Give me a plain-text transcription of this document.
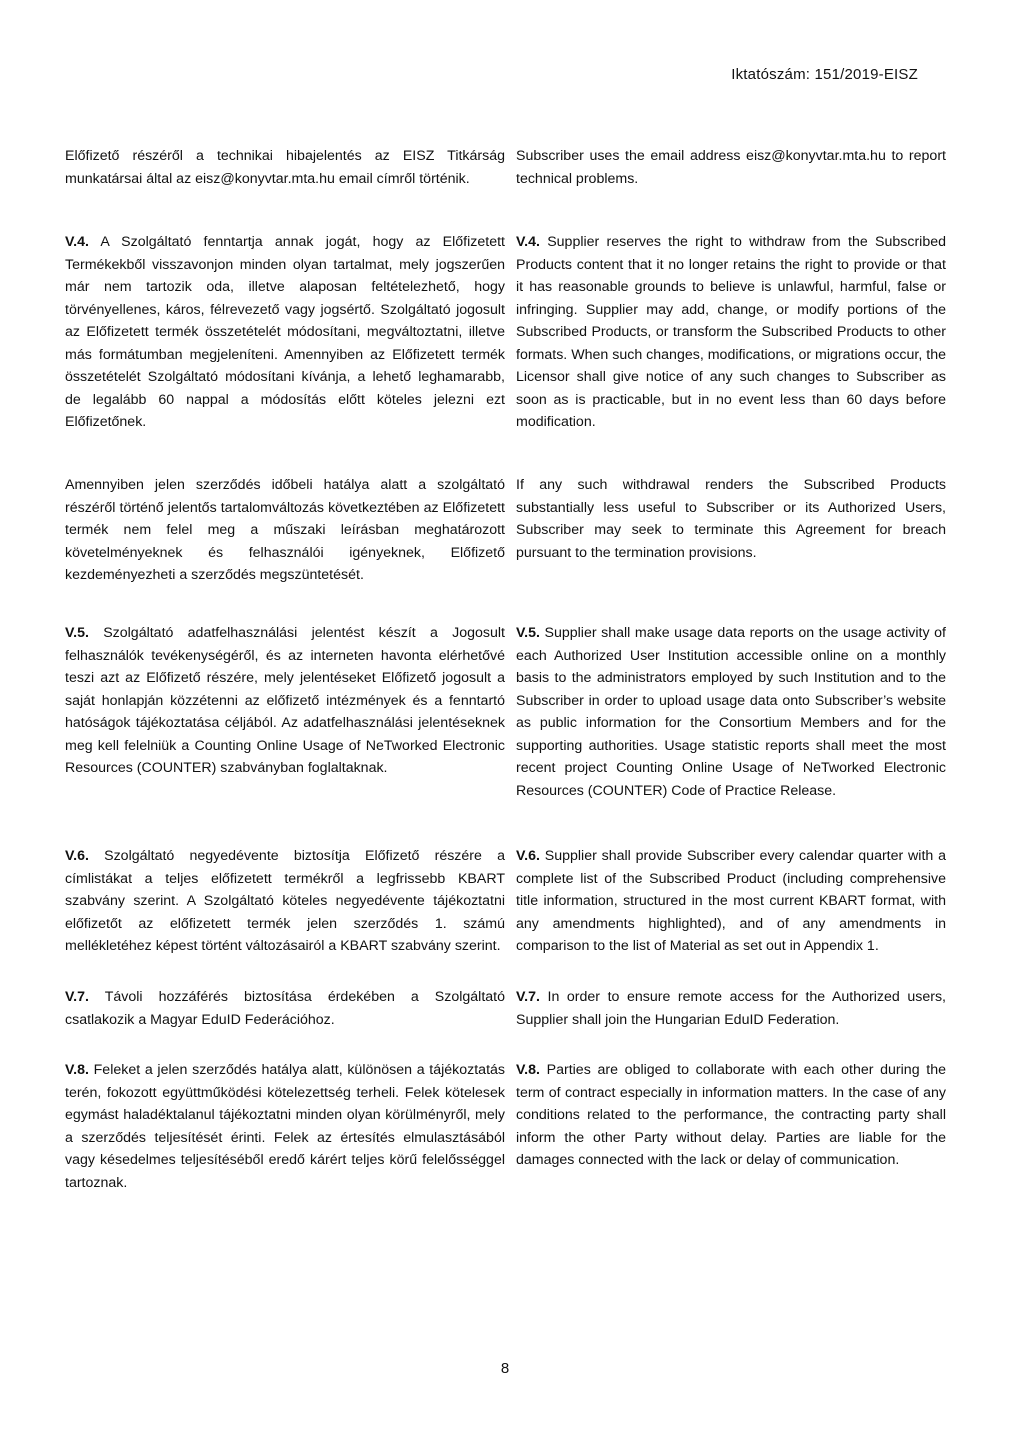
Iktatószám: 151/2019-EISZ

Előfizető részéről a technikai hibajelentés az EISZ Titkárság munkatársai által az eisz@konyvtar.mta.hu email címről történik.

V.4. A Szolgáltató fenntartja annak jogát, hogy az Előfizetett Termékekből visszavonjon minden olyan tartalmat, mely jogszerűen már nem tartozik oda, illetve alaposan feltételezhető, hogy törvényellenes, káros, félrevezető vagy jogsértő. Szolgáltató jogosult az Előfizetett termék összetételét módosítani, megváltoztatni, illetve más formátumban megjeleníteni. Amennyiben az Előfizetett termék összetételét Szolgáltató módosítani kívánja, a lehető leghamarabb, de legalább 60 nappal a módosítás előtt köteles jelezni ezt Előfizetőnek.

Amennyiben jelen szerződés időbeli hatálya alatt a szolgáltató részéről történő jelentős tartalomváltozás következtében az Előfizetett termék nem felel meg a műszaki leírásban meghatározott követelményeknek és felhasználói igényeknek, Előfizető kezdeményezheti a szerződés megszüntetését.

V.5. Szolgáltató adatfelhasználási jelentést készít a Jogosult felhasználók tevékenységéről, és az interneten havonta elérhetővé teszi azt az Előfizető részére, mely jelentéseket Előfizető jogosult a saját honlapján közzétenni az előfizető intézmények és a fenntartó hatóságok tájékoztatása céljából. Az adatfelhasználási jelentéseknek meg kell felelniük a Counting Online Usage of NeTworked Electronic Resources (COUNTER) szabványban foglaltaknak.

V.6. Szolgáltató negyedévente biztosítja Előfizető részére a címlistákat a teljes előfizetett termékről a legfrissebb KBART szabvány szerint. A Szolgáltató köteles negyedévente tájékoztatni előfizetőt az előfizetett termék jelen szerződés 1. számú mellékletéhez képest történt változásairól a KBART szabvány szerint.

V.7. Távoli hozzáférés biztosítása érdekében a Szolgáltató csatlakozik a Magyar EduID Federációhoz.

V.8. Feleket a jelen szerződés hatálya alatt, különösen a tájékoztatás terén, fokozott együttműködési kötelezettség terheli. Felek kötelesek egymást haladéktalanul tájékoztatni minden olyan körülményről, mely a szerződés teljesítését érinti. Felek az értesítés elmulasztásából vagy késedelmes teljesítéséből eredő kárért teljes körű felelősséggel tartoznak.

Subscriber uses the email address eisz@konyvtar.mta.hu to report technical problems.

V.4. Supplier reserves the right to withdraw from the Subscribed Products content that it no longer retains the right to provide or that it has reasonable grounds to believe is unlawful, harmful, false or infringing. Supplier may add, change, or modify portions of the Subscribed Products, or transform the Subscribed Products to other formats. When such changes, modifications, or migrations occur, the Licensor shall give notice of any such changes to Subscriber as soon as is practicable, but in no event less than 60 days before modification.

If any such withdrawal renders the Subscribed Products substantially less useful to Subscriber or its Authorized Users, Subscriber may seek to terminate this Agreement for breach pursuant to the termination provisions.

V.5. Supplier shall make usage data reports on the usage activity of each Authorized User Institution accessible online on a monthly basis to the administrators employed by such Institution and to the Subscriber in order to upload usage data onto Subscriber’s website as public information for the Consortium Members and for the supporting authorities. Usage statistic reports shall meet the most recent project Counting Online Usage of NeTworked Electronic Resources (COUNTER) Code of Practice Release.

V.6. Supplier shall provide Subscriber every calendar quarter with a complete list of the Subscribed Product (including comprehensive title information, structured in the most current KBART format, with any amendments highlighted), and of any amendments in comparison to the list of Material as set out in Appendix 1.

V.7. In order to ensure remote access for the Authorized users, Supplier shall join the Hungarian EduID Federation.

V.8. Parties are obliged to collaborate with each other during the term of contract especially in information matters. In the case of any conditions related to the performance, the contracting party shall inform the other Party without delay. Parties are liable for the damages connected with the lack or delay of communication.

8
